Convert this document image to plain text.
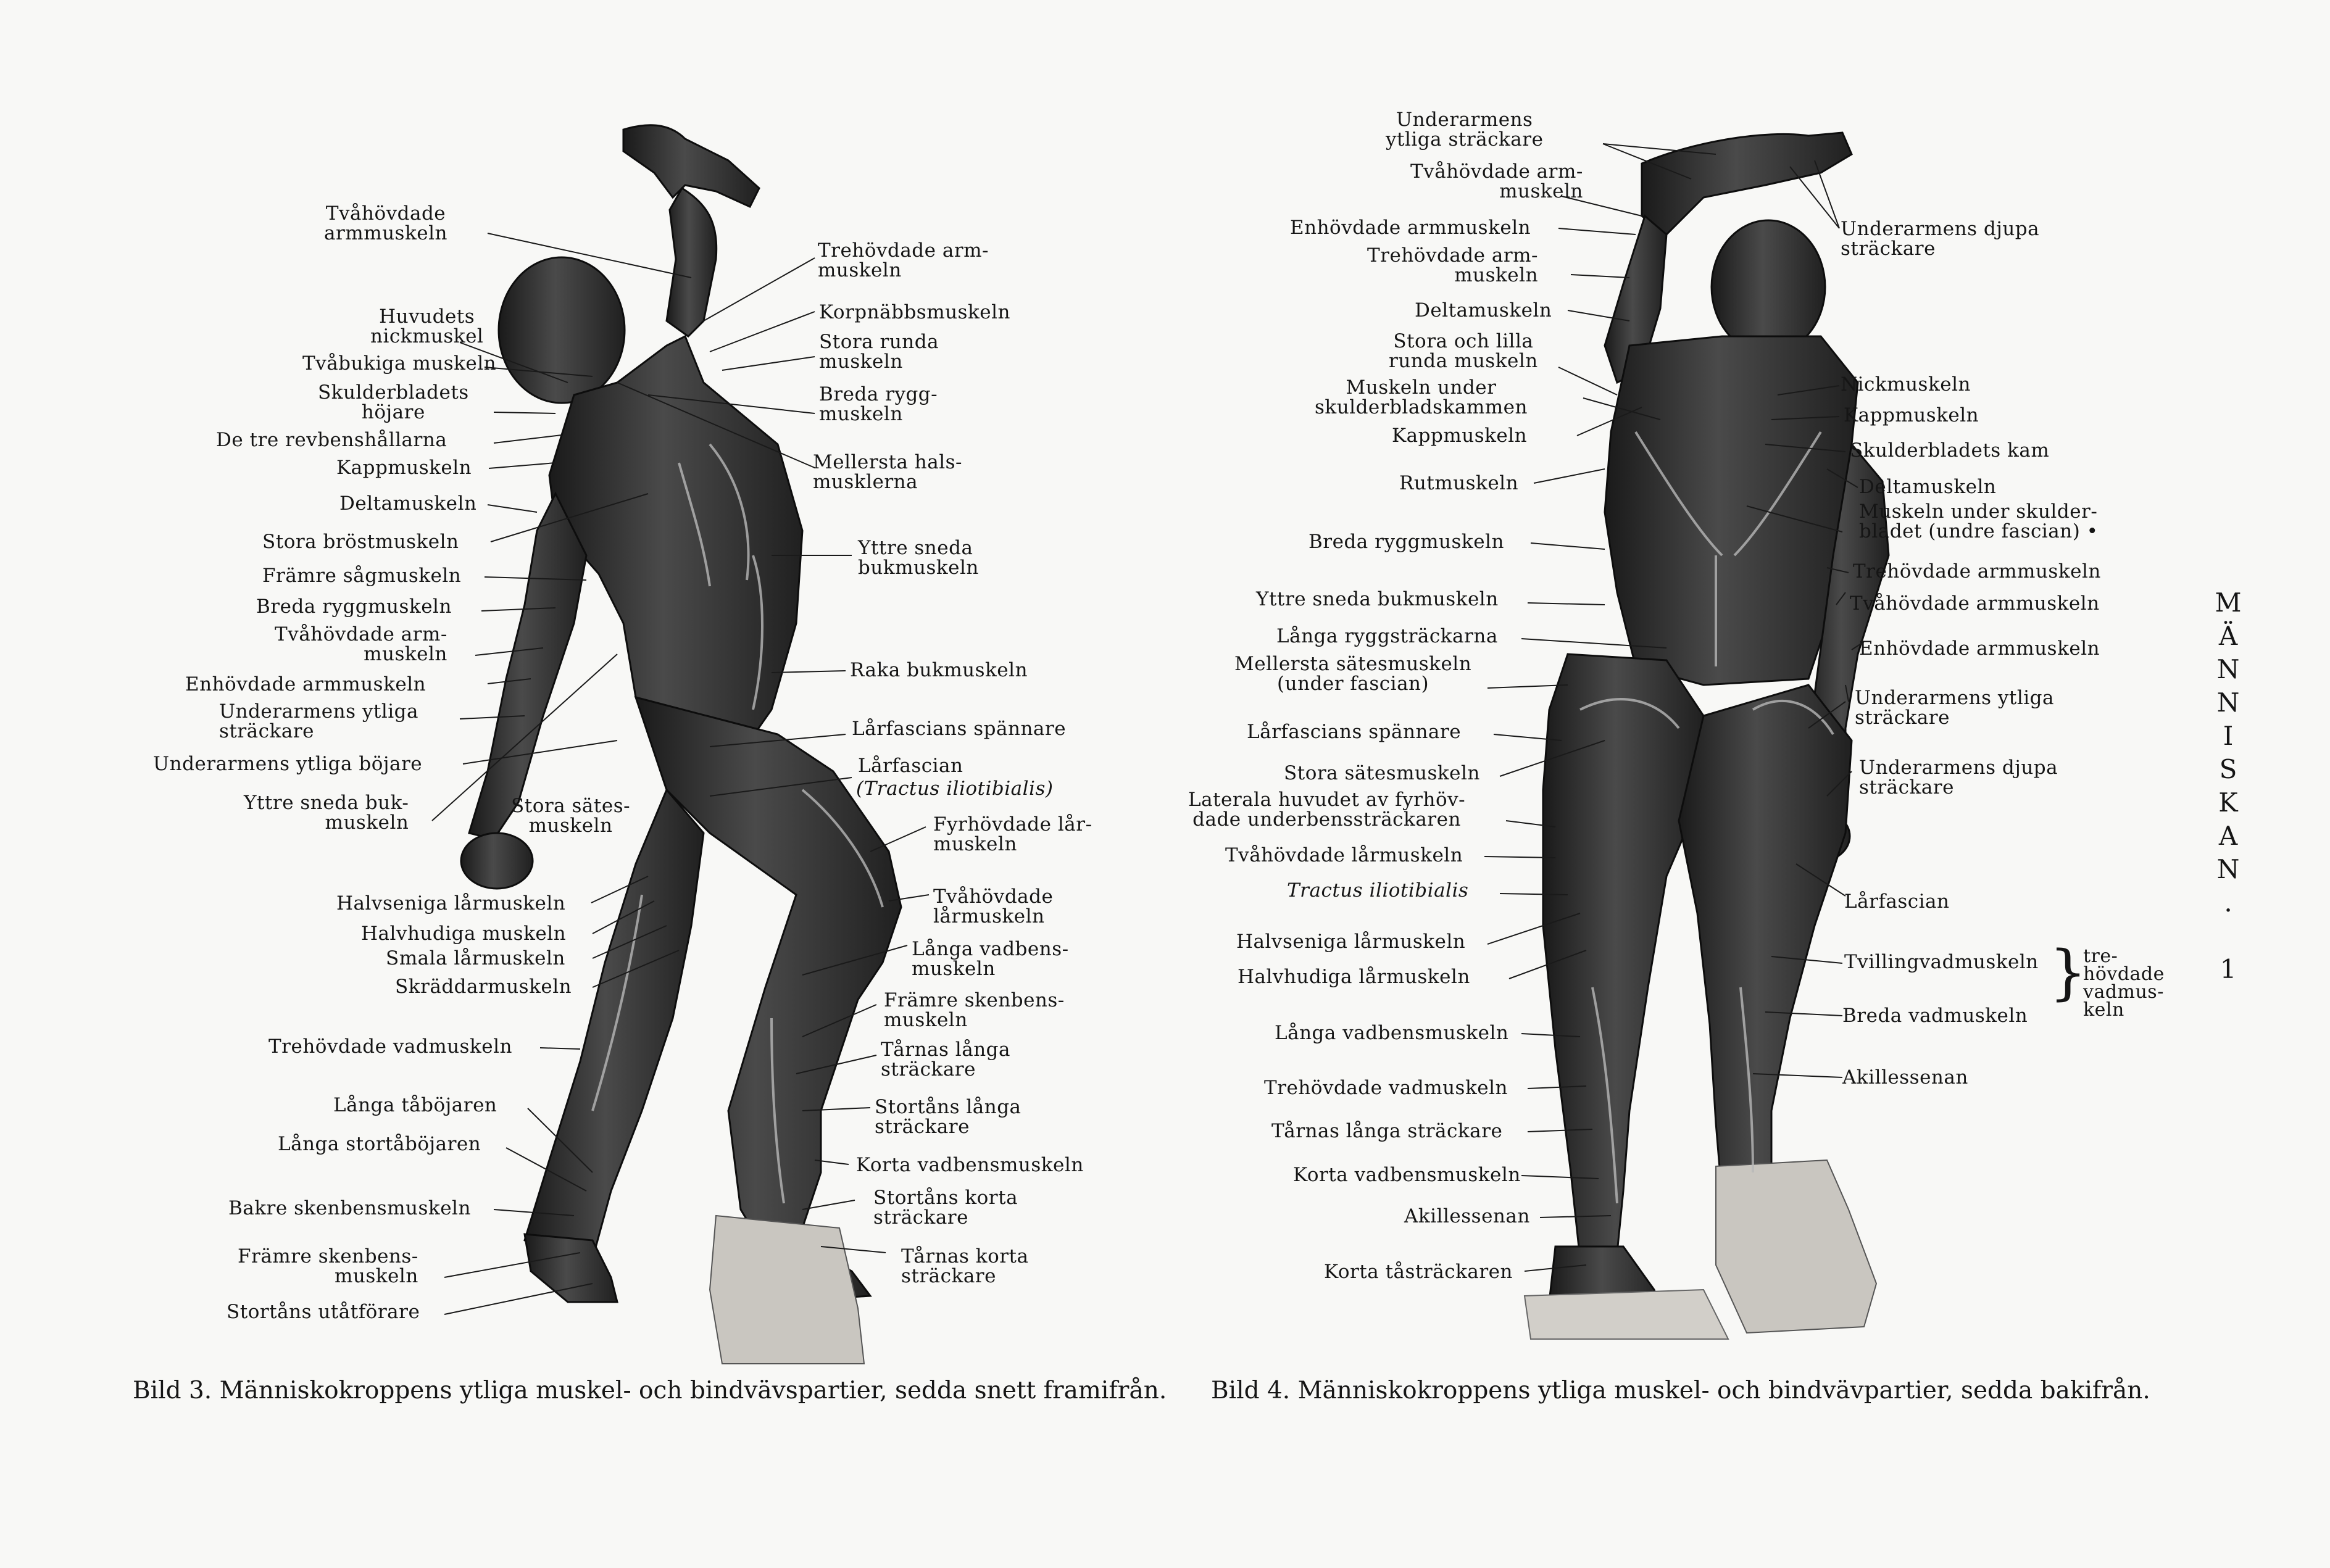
Tvåhövdade
armmuskeln
Huvudets
nickmuskel
Tvåbukiga muskeln
Skulderbladets
höjare
De tre revbenshållarna
Kappmuskeln
Deltamuskeln
Stora bröstmuskeln
Främre sågmuskeln
Breda ryggmuskeln
Tvåhövdade arm-
muskeln
Enhövdade armmuskeln
Underarmens ytliga
sträckare
Underarmens ytliga böjare
Yttre sneda buk-
muskeln
Halvseniga lårmuskeln
Halvhudiga muskeln
Smala lårmuskeln
Skräddarmuskeln
Trehövdade vadmuskeln
Långa tåböjaren
Långa stortåböjaren
Bakre skenbensmuskeln
Främre skenbens-
muskeln
Stortåns utåtförare
Stora sätes-
muskeln
Trehövdade arm-
muskeln
Korpnäbbsmuskeln
Stora runda
muskeln
Breda rygg-
muskeln
Mellersta hals-
musklerna
Yttre sneda
bukmuskeln
Raka bukmuskeln
Lårfascians spännare
Lårfascian
(Tractus iliotibialis)
Fyrhövdade lår-
muskeln
Tvåhövdade
lårmuskeln
Långa vadbens-
muskeln
Främre skenbens-
muskeln
Tårnas långa
sträckare
Stortåns långa
sträckare
Korta vadbensmuskeln
Stortåns korta
sträckare
Tårnas korta
sträckare
Underarmens
ytliga sträckare
Tvåhövdade arm-
muskeln
Enhövdade armmuskeln
Trehövdade arm-
muskeln
Deltamuskeln
Stora och lilla
runda muskeln
Muskeln under
skulderbladskammen
Kappmuskeln
Rutmuskeln
Breda ryggmuskeln
Yttre sneda bukmuskeln
Långa ryggsträckarna
Mellersta sätesmuskeln
(under fascian)
Lårfascians spännare
Stora sätesmuskeln
Laterala huvudet av fyrhöv-
dade underbenssträckaren
Tvåhövdade lårmuskeln
Tractus iliotibialis
Halvseniga lårmuskeln
Halvhudiga lårmuskeln
Långa vadbensmuskeln
Trehövdade vadmuskeln
Tårnas långa sträckare
Korta vadbensmuskeln
Akillessenan
Korta tåsträckaren
Underarmens djupa
sträckare
Nickmuskeln
Kappmuskeln
Skulderbladets kam
Deltamuskeln
Muskeln under skulder-
bladet (undre fascian) •
Trehövdade armmuskeln
Tvåhövdade armmuskeln
Enhövdade armmuskeln
Underarmens ytliga
sträckare
Underarmens djupa
sträckare
Lårfascian
Tvillingvadmuskeln
Breda vadmuskeln
Akillessenan
}
tre-
hövdade
vadmus-
keln
M
Ä
N
N
I
S
K
A
N
.

1
Bild 3. Människokroppens ytliga muskel- och bindvävspartier, sedda snett framifrån. Bild 4. Människokroppens ytliga muskel- och bindvävpartier, sedda bakifrån.
